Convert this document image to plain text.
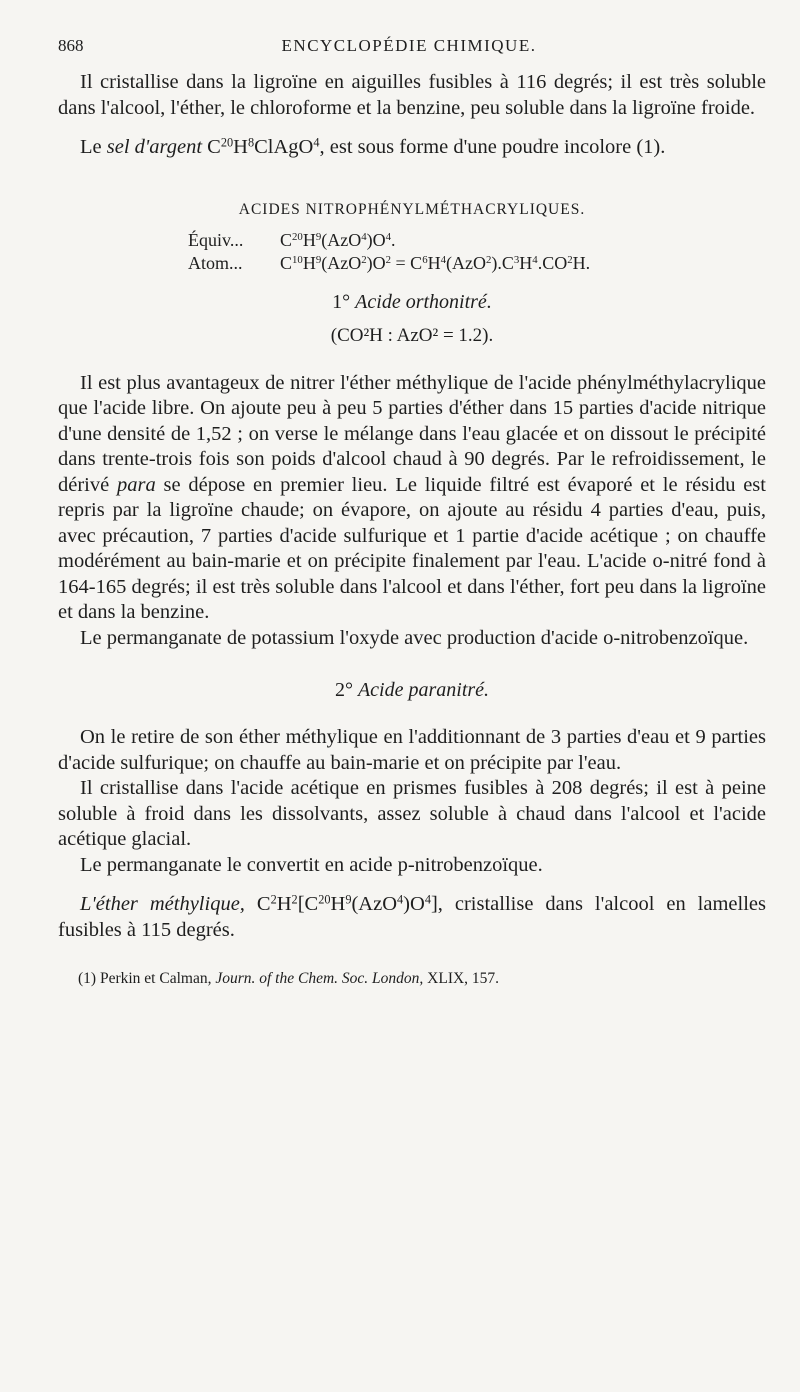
868	ENCYCLOPÉDIE CHIMIQUE.

Il cristallise dans la ligroïne en aiguilles fusibles à 116 degrés; il est très soluble dans l'alcool, l'éther, le chloroforme et la benzine, peu soluble dans la ligroïne froide.

Le sel d'argent $C^{20}H^8ClAgO^4$, est sous forme d'une poudre incolore (1).

ACIDES NITROPHÉNYLMÉTHACRYLIQUES.
Équiv... $C^{20}H^9(AzO^4)O^4$.
Atom... $C^{10}H^9(AzO^2)O^2 = C^6H^4(AzO^2).C^3H^4.CO^2H$.
1° Acide orthonitré.
(CO²H : AzO² = 1.2).

Il est plus avantageux de nitrer l'éther méthylique de l'acide phénylméthylacrylique que l'acide libre. On ajoute peu à peu 5 parties d'éther dans 15 parties d'acide nitrique d'une densité de 1,52 ; on verse le mélange dans l'eau glacée et on dissout le précipité dans trente-trois fois son poids d'alcool chaud à 90 degrés. Par le refroidissement, le dérivé para se dépose en premier lieu. Le liquide filtré est évaporé et le résidu est repris par la ligroïne chaude; on évapore, on ajoute au résidu 4 parties d'eau, puis, avec précaution, 7 parties d'acide sulfurique et 1 partie d'acide acétique ; on chauffe modérément au bain-marie et on précipite finalement par l'eau. L'acide o-nitré fond à 164-165 degrés; il est très soluble dans l'alcool et dans l'éther, fort peu dans la ligroïne et dans la benzine.

Le permanganate de potassium l'oxyde avec production d'acide o-nitrobenzoïque.

2° Acide paranitré.

On le retire de son éther méthylique en l'additionnant de 3 parties d'eau et 9 parties d'acide sulfurique; on chauffe au bain-marie et on précipite par l'eau.

Il cristallise dans l'acide acétique en prismes fusibles à 208 degrés; il est à peine soluble à froid dans les dissolvants, assez soluble à chaud dans l'alcool et l'acide acétique glacial.

Le permanganate le convertit en acide p-nitrobenzoïque.

L'éther méthylique, $C^2H^2[C^{20}H^9(AzO^4)O^4]$, cristallise dans l'alcool en lamelles fusibles à 115 degrés.

(1) Perkin et Calman, Journ. of the Chem. Soc. London, XLIX, 157.
